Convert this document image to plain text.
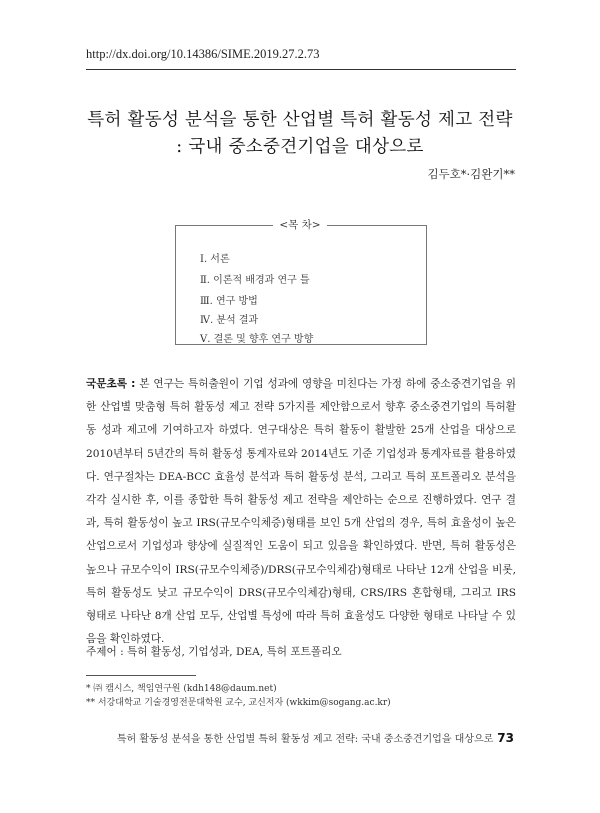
http://dx.doi.org/10.14386/SIME.2019.27.2.73
특허 활동성 분석을 통한 산업별 특허 활동성 제고 전략
: 국내 중소중견기업을 대상으로
김두호*·김완기**
<목 차>
Ⅰ. 서론
Ⅱ. 이론적 배경과 연구 틀
Ⅲ. 연구 방법
Ⅳ. 분석 결과
Ⅴ. 결론 및 향후 연구 방향
국문초록 : 본 연구는 특허출원이 기업 성과에 영향을 미친다는 가정 하에 중소중견기업을 위한 산업별 맞춤형 특허 활동성 제고 전략 5가지를 제안함으로서 향후 중소중견기업의 특허활동 성과 제고에 기여하고자 하였다. 연구대상은 특허 활동이 활발한 25개 산업을 대상으로 2010년부터 5년간의 특허 활동성 통계자료와 2014년도 기준 기업성과 통계자료를 활용하였다. 연구절차는 DEA-BCC 효율성 분석과 특허 활동성 분석, 그리고 특허 포트폴리오 분석을 각각 실시한 후, 이를 종합한 특허 활동성 제고 전략을 제안하는 순으로 진행하였다. 연구 결과, 특허 활동성이 높고 IRS(규모수익체증)형태를 보인 5개 산업의 경우, 특허 효율성이 높은 산업으로서 기업성과 향상에 실질적인 도움이 되고 있음을 확인하였다. 반면, 특허 활동성은 높으나 규모수익이 IRS(규모수익체증)/DRS(규모수익체감)형태로 나타난 12개 산업을 비롯, 특허 활동성도 낮고 규모수익이 DRS(규모수익체감)형태, CRS/IRS 혼합형태, 그리고 IRS 형태로 나타난 8개 산업 모두, 산업별 특성에 따라 특허 효율성도 다양한 형태로 나타날 수 있음을 확인하였다.
주제어 : 특허 활동성, 기업성과, DEA, 특허 포트폴리오
* ㈜ 캠시스, 책임연구원 (kdh148@daum.net)
** 서강대학교 기술경영전문대학원 교수, 교신저자 (wkkim@sogang.ac.kr)
특허 활동성 분석을 통한 산업별 특허 활동성 제고 전략: 국내 중소중견기업을 대상으로 73
